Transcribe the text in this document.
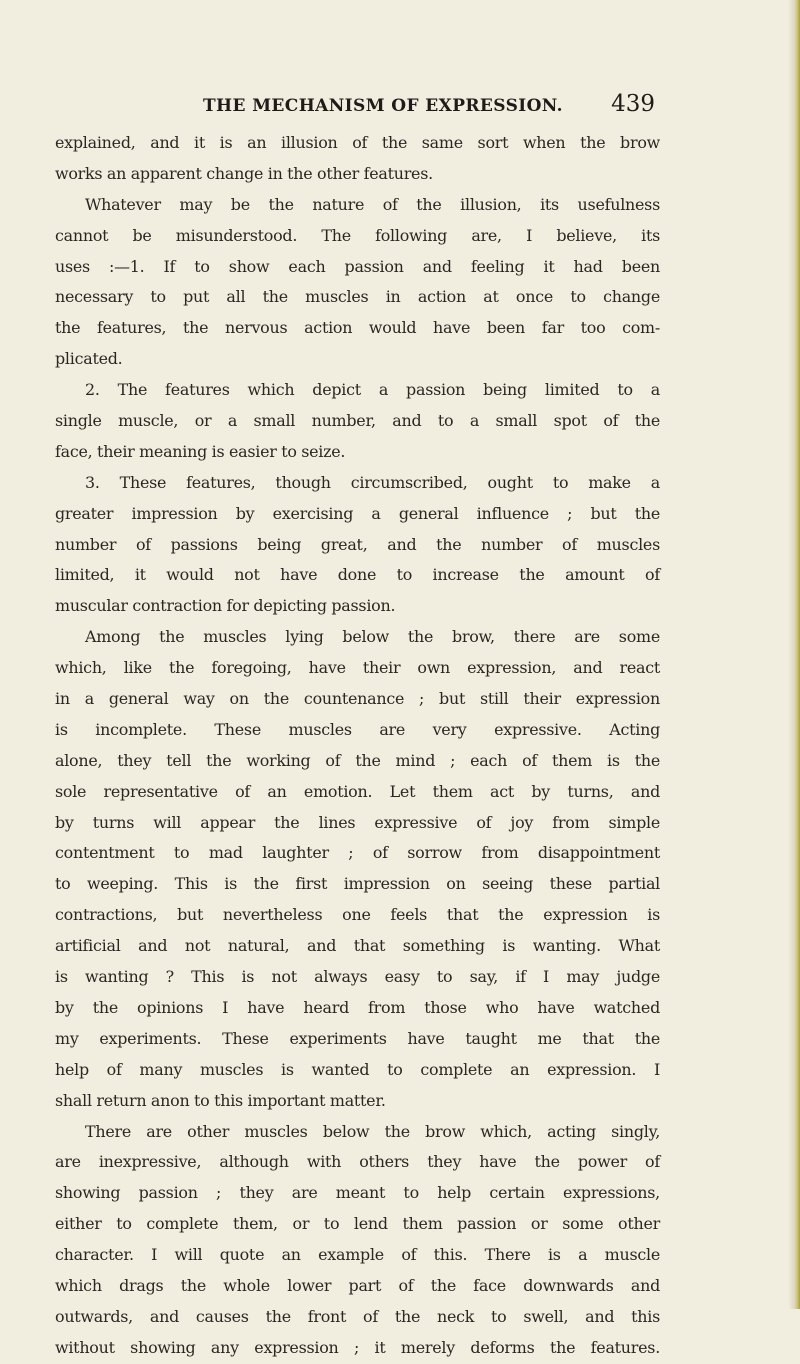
THE MECHANISM OF EXPRESSION. 439
explained, and it is an illusion of the same sort when the brow
works an apparent change in the other features.
Whatever may be the nature of the illusion, its usefulness
cannot be misunderstood. The following are, I believe, its
uses :—1. If to show each passion and feeling it had been
necessary to put all the muscles in action at once to change
the features, the nervous action would have been far too com-
plicated.
2. The features which depict a passion being limited to a
single muscle, or a small number, and to a small spot of the
face, their meaning is easier to seize.
3. These features, though circumscribed, ought to make a
greater impression by exercising a general influence ; but the
number of passions being great, and the number of muscles
limited, it would not have done to increase the amount of
muscular contraction for depicting passion.
Among the muscles lying below the brow, there are some
which, like the foregoing, have their own expression, and react
in a general way on the countenance ; but still their expression
is incomplete. These muscles are very expressive. Acting
alone, they tell the working of the mind ; each of them is the
sole representative of an emotion. Let them act by turns, and
by turns will appear the lines expressive of joy from simple
contentment to mad laughter ; of sorrow from disappointment
to weeping. This is the first impression on seeing these partial
contractions, but nevertheless one feels that the expression is
artificial and not natural, and that something is wanting. What
is wanting ? This is not always easy to say, if I may judge
by the opinions I have heard from those who have watched
my experiments. These experiments have taught me that the
help of many muscles is wanted to complete an expression. I
shall return anon to this important matter.
There are other muscles below the brow which, acting singly,
are inexpressive, although with others they have the power of
showing passion ; they are meant to help certain expressions,
either to complete them, or to lend them passion or some other
character. I will quote an example of this. There is a muscle
which drags the whole lower part of the face downwards and
outwards, and causes the front of the neck to swell, and this
without showing any expression ; it merely deforms the features.
